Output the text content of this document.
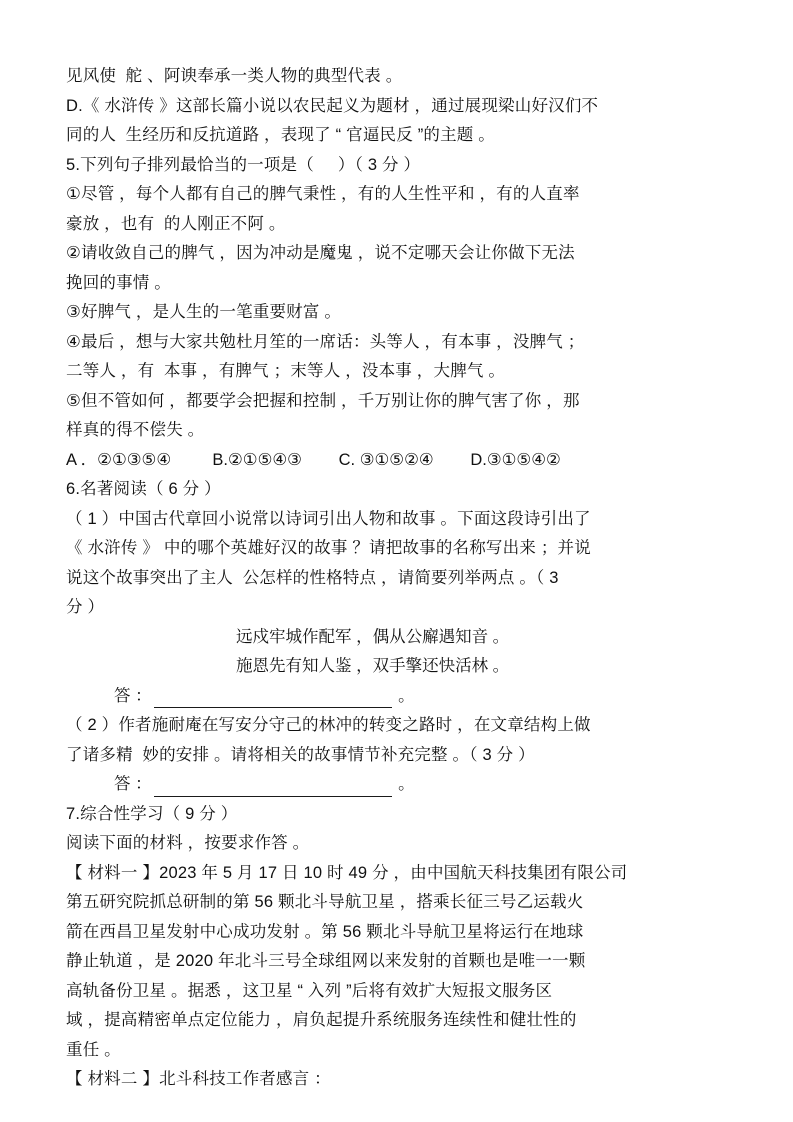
见风使  舵 、阿谀奉承一类人物的典型代表 。
D.《 水浒传 》这部长篇小说以农民起义为题材 ，通过展现梁山好汉们不
同的人  生经历和反抗道路 ，表现了 “ 官逼民反 ”的主题 。
5.下列句子排列最恰当的一项是（     ）（ 3 分 ）
①尽管 ，每个人都有自己的脾气秉性 ，有的人生性平和 ，有的人直率
豪放 ，也有  的人刚正不阿 。
②请收敛自己的脾气 ，因为冲动是魔鬼 ，说不定哪天会让你做下无法
挽回的事情 。
③好脾气 ，是人生的一笔重要财富 。
④最后 ，想与大家共勉杜月笙的一席话：头等人 ，有本事 ，没脾气 ；
二等人 ，有  本事 ，有脾气 ；末等人 ，没本事 ，大脾气 。
⑤但不管如何 ，都要学会把握和控制 ，千万别让你的脾气害了你 ，那
样真的得不偿失 。
A ．②①③⑤④         B.②①⑤④③        C. ③①⑤②④        D.③①⑤④②
6.名著阅读（ 6 分 ）
（ 1 ）中国古代章回小说常以诗词引出人物和故事 。下面这段诗引出了
《 水浒传 》 中的哪个英雄好汉的故事 ？请把故事的名称写出来 ；并说
说这个故事突出了主人  公怎样的性格特点 ，请简要列举两点 。（ 3
分 ）
远戍牢城作配军 ，偶从公廨遇知音 。
施恩先有知人鉴 ，双手擎还快活林 。
答 ：	。
（ 2 ）作者施耐庵在写安分守己的林冲的转变之路时 ，在文章结构上做
了诸多精  妙的安排 。请将相关的故事情节补充完整 。（ 3 分 ）
答 ：	。
7.综合性学习（ 9 分 ）
阅读下面的材料 ，按要求作答 。
【 材料一 】2023 年 5 月 17 日 10 时 49 分 ，由中国航天科技集团有限公司
第五研究院抓总研制的第 56 颗北斗导航卫星 ，搭乘长征三号乙运载火
箭在西昌卫星发射中心成功发射 。第 56 颗北斗导航卫星将运行在地球
静止轨道 ，是 2020 年北斗三号全球组网以来发射的首颗也是唯一一颗
高轨备份卫星 。据悉 ，这卫星 “ 入列 ”后将有效扩大短报文服务区
域 ，提高精密单点定位能力 ，肩负起提升系统服务连续性和健壮性的
重任 。
【 材料二 】北斗科技工作者感言 ：
